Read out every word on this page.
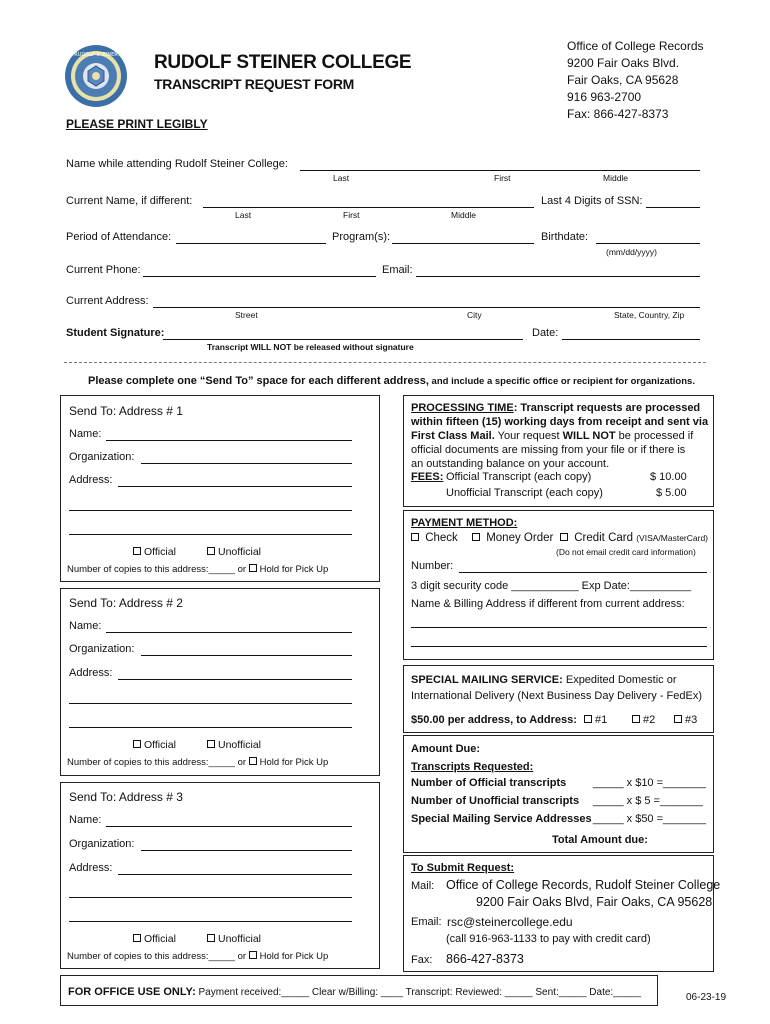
RUDOLF STEINER RUDOLF STEINER COLLEGE
TRANSCRIPT REQUEST FORM
PLEASE PRINT LEGIBLY
Office of College Records
9200 Fair Oaks Blvd.
Fair Oaks, CA 95628
916 963-2700
Fax: 866-427-8373
Name while attending Rudolf Steiner College:
Last	First	Middle
Current Name, if different:
Last	First	Middle
Last 4 Digits of SSN:
Period of Attendance:	Program(s):	Birthdate:
(mm/dd/yyyy)
Current Phone:	Email:
Current Address:
Street	City	State, Country, Zip
Student Signature:	Date:
Transcript WILL NOT be released without signature
Please complete one “Send To” space for each different address, and include a specific office or recipient for organizations.
Send To: Address # 1
Name:
Organization:
Address:
Official	Unofficial
Number of copies to this address:_____ or Hold for Pick Up
Send To: Address # 2
Name:
Organization:
Address:
Official	Unofficial
Number of copies to this address:_____ or Hold for Pick Up
Send To: Address # 3
Name:
Organization:
Address:
Official	Unofficial
Number of copies to this address:_____ or Hold for Pick Up
PROCESSING TIME: Transcript requests are processed
within fifteen (15) working days from receipt and sent via
First Class Mail. Your request WILL NOT be processed if
official documents are missing from your file or if there is
an outstanding balance on your account.
FEES: Official Transcript (each copy)	$ 10.00
Unofficial Transcript (each copy)	$ 5.00
PAYMENT METHOD:
Check	Money Order	Credit Card (VISA/MasterCard)
(Do not email credit card information)
Number:
3 digit security code ___________ Exp Date:__________
Name & Billing Address if different from current address:
SPECIAL MAILING SERVICE: Expedited Domestic or
International Delivery (Next Business Day Delivery - FedEx)
$50.00 per address, to Address:	#1	#2	#3
Amount Due:
Transcripts Requested:
Number of Official transcripts _____ x $10 =_______
Number of Unofficial transcripts _____ x $ 5 =_______
Special Mailing Service Addresses _____ x $50 =_______
Total Amount due:
To Submit Request:
Mail: Office of College Records, Rudolf Steiner College
9200 Fair Oaks Blvd, Fair Oaks, CA 95628
Email: rsc@steinercollege.edu
(call 916-963-1133 to pay with credit card)
Fax: 866-427-8373
FOR OFFICE USE ONLY: Payment received:_____ Clear w/Billing: ____ Transcript: Reviewed: _____ Sent:_____ Date:_____	06-23-19
